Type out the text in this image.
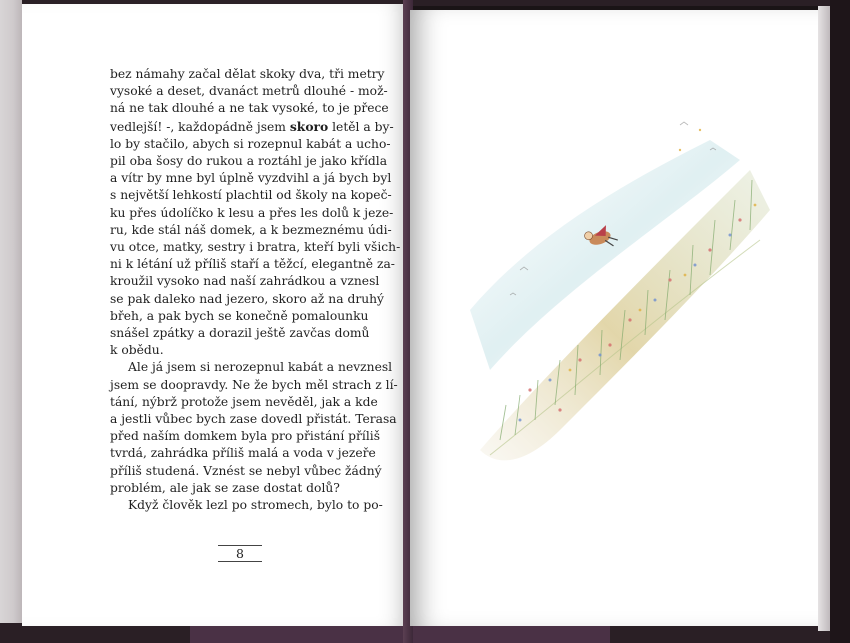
bez námahy začal dělat skoky dva, tři metry
vysoké a deset, dvanáct metrů dlouhé - mož-
ná ne tak dlouhé a ne tak vysoké, to je přece
vedlejší! -, každopádně jsem skoro letěl a by-
lo by stačilo, abych si rozepnul kabát a ucho-
pil oba šosy do rukou a roztáhl je jako křídla
a vítr by mne byl úplně vyzdvihl a já bych byl
s největší lehkostí plachtil od školy na kopeč-
ku přes údolíčko k lesu a přes les dolů k jeze-
ru, kde stál náš domek, a k bezmeznému údi-
vu otce, matky, sestry i bratra, kteří byli všich-
ni k létání už příliš staří a těžcí, elegantně za-
kroužil vysoko nad naší zahrádkou a vznesl
se pak daleko nad jezero, skoro až na druhý
břeh, a pak bych se konečně pomalounku
snášel zpátky a dorazil ještě zavčas domů
k obědu.

Ale já jsem si nerozepnul kabát a nevznesl
jsem se doopravdy. Ne že bych měl strach z lí-
tání, nýbrž protože jsem nevěděl, jak a kde
a jestli vůbec bych zase dovedl přistát. Terasa
před naším domkem byla pro přistání příliš
tvrdá, zahrádka příliš malá a voda v jezeře
příliš studená. Vznést se nebyl vůbec žádný
problém, ale jak se zase dostat dolů?

Když člověk lezl po stromech, bylo to po-

8
